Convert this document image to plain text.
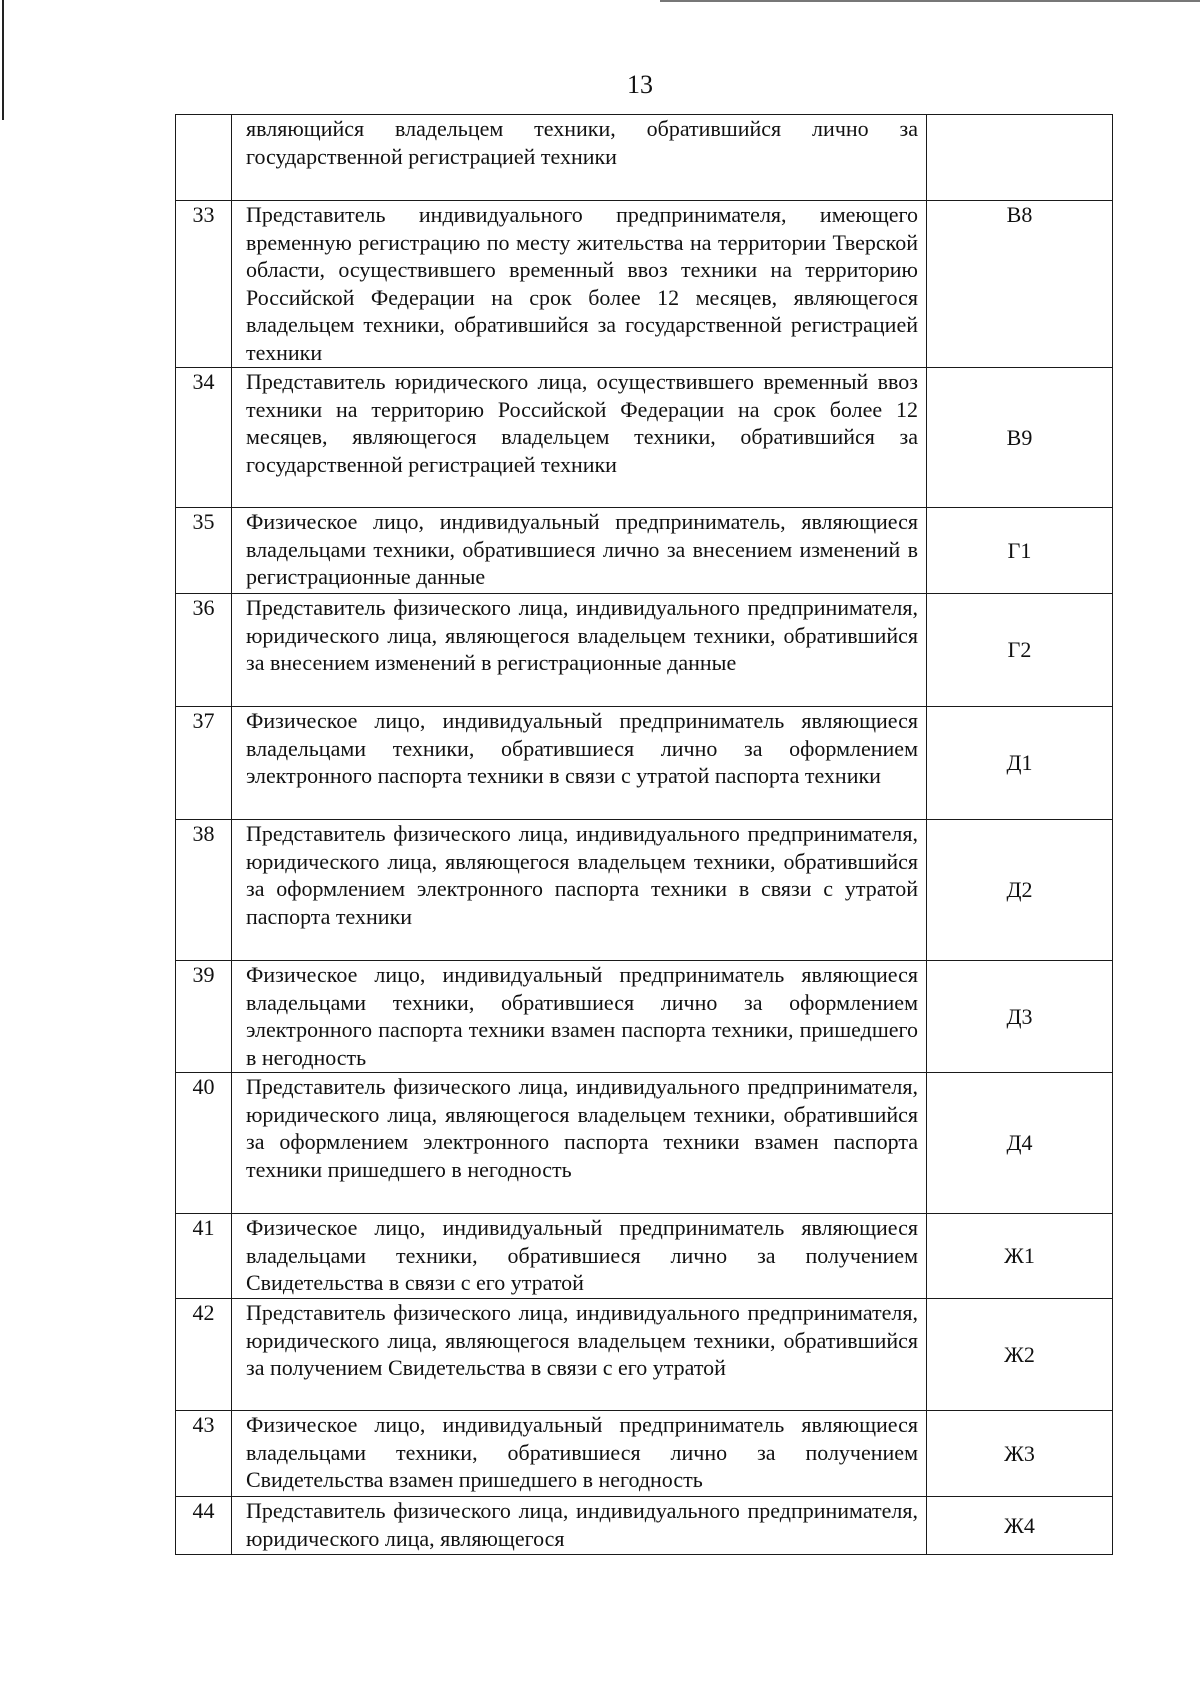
13
	являющийся владельцем техники, обратившийся лично за государственной регистрацией техники	
33	Представитель индивидуального предпринимателя, имеющего временную регистрацию по месту жительства на территории Тверской области, осуществившего временный ввоз техники на территорию Российской Федерации на срок более 12 месяцев, являющегося владельцем техники, обратившийся за государственной регистрацией техники	В8
34	Представитель юридического лица, осуществившего временный ввоз техники на территорию Российской Федерации на срок более 12 месяцев, являющегося владельцем техники, обратившийся за государственной регистрацией техники	В9
35	Физическое лицо, индивидуальный предприниматель, являющиеся владельцами техники, обратившиеся лично за внесением изменений в регистрационные данные	Г1
36	Представитель физического лица, индивидуального предпринимателя, юридического лица, являющегося владельцем техники, обратившийся за внесением изменений в регистрационные данные	Г2
37	Физическое лицо, индивидуальный предприниматель являющиеся владельцами техники, обратившиеся лично за оформлением электронного паспорта техники в связи с утратой паспорта техники	Д1
38	Представитель физического лица, индивидуального предпринимателя, юридического лица, являющегося владельцем техники, обратившийся за оформлением электронного паспорта техники в связи с утратой паспорта техники	Д2
39	Физическое лицо, индивидуальный предприниматель являющиеся владельцами техники, обратившиеся лично за оформлением электронного паспорта техники взамен паспорта техники, пришедшего в негодность	Д3
40	Представитель физического лица, индивидуального предпринимателя, юридического лица, являющегося владельцем техники, обратившийся за оформлением электронного паспорта техники взамен паспорта техники пришедшего в негодность	Д4
41	Физическое лицо, индивидуальный предприниматель являющиеся владельцами техники, обратившиеся лично за получением Свидетельства в связи с его утратой	Ж1
42	Представитель физического лица, индивидуального предпринимателя, юридического лица, являющегося владельцем техники, обратившийся за получением Свидетельства в связи с его утратой	Ж2
43	Физическое лицо, индивидуальный предприниматель являющиеся владельцами техники, обратившиеся лично за получением Свидетельства взамен пришедшего в негодность	Ж3
44	Представитель физического лица, индивидуального предпринимателя, юридического лица, являющегося	Ж4
